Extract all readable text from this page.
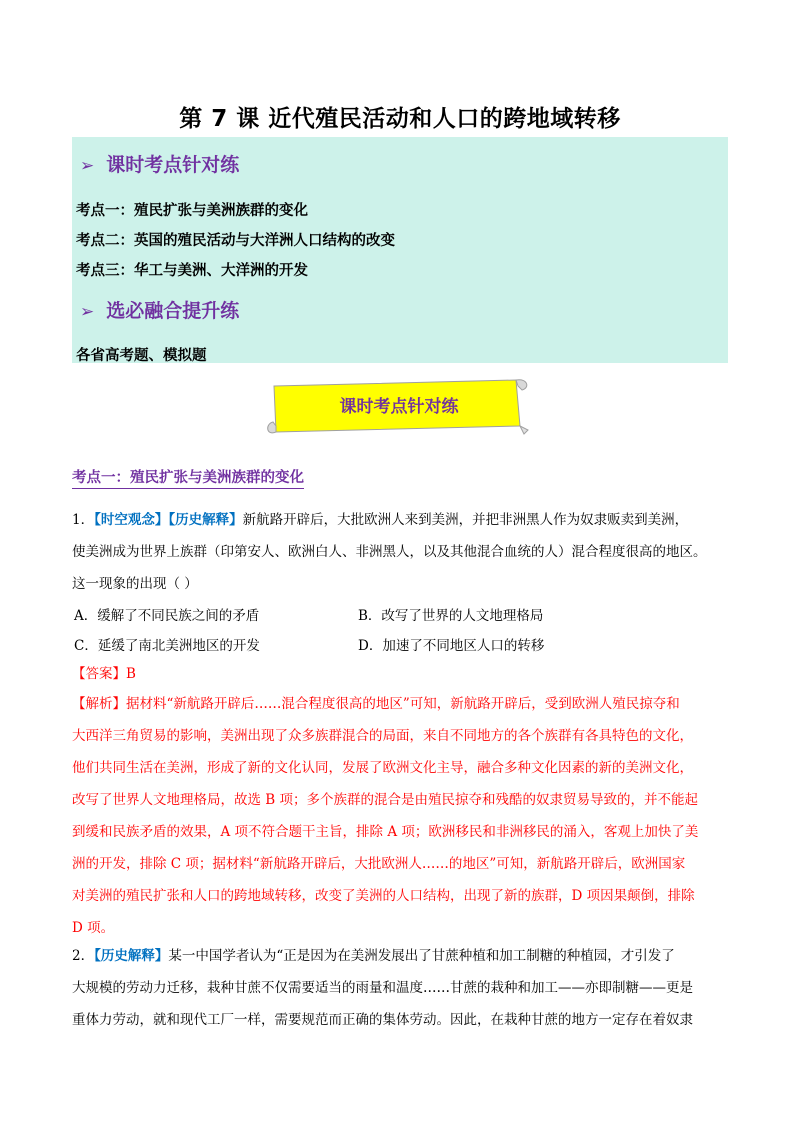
第 7 课 近代殖民活动和人口的跨地域转移
➢ 课时考点针对练
考点一：殖民扩张与美洲族群的变化
考点二：英国的殖民活动与大洋洲人口结构的改变
考点三：华工与美洲、大洋洲的开发
➢ 选必融合提升练
各省高考题、模拟题
课时考点针对练
考点一：殖民扩张与美洲族群的变化
1．【时空观念】【历史解释】新航路开辟后，大批欧洲人来到美洲，并把非洲黑人作为奴隶贩卖到美洲，
使美洲成为世界上族群（印第安人、欧洲白人、非洲黑人，以及其他混合血统的人）混合程度很高的地区。
这一现象的出现（ ）
A．缓解了不同民族之间的矛盾	B．改写了世界的人文地理格局
C．延缓了南北美洲地区的开发	D．加速了不同地区人口的转移
【答案】B
【解析】据材料“新航路开辟后……混合程度很高的地区”可知，新航路开辟后，受到欧洲人殖民掠夺和
大西洋三角贸易的影响，美洲出现了众多族群混合的局面，来自不同地方的各个族群有各具特色的文化，
他们共同生活在美洲，形成了新的文化认同，发展了欧洲文化主导，融合多种文化因素的新的美洲文化，
改写了世界人文地理格局，故选 B 项；多个族群的混合是由殖民掠夺和残酷的奴隶贸易导致的，并不能起
到缓和民族矛盾的效果，A 项不符合题干主旨，排除 A 项；欧洲移民和非洲移民的涌入，客观上加快了美
洲的开发，排除 C 项；据材料“新航路开辟后，大批欧洲人……的地区”可知，新航路开辟后，欧洲国家
对美洲的殖民扩张和人口的跨地域转移，改变了美洲的人口结构，出现了新的族群，D 项因果颠倒，排除
D 项。
2．【历史解释】某一中国学者认为“正是因为在美洲发展出了甘蔗种植和加工制糖的种植园，才引发了
大规模的劳动力迁移，栽种甘蔗不仅需要适当的雨量和温度……甘蔗的栽种和加工——亦即制糖——更是
重体力劳动，就和现代工厂一样，需要规范而正确的集体劳动。因此，在栽种甘蔗的地方一定存在着奴隶
